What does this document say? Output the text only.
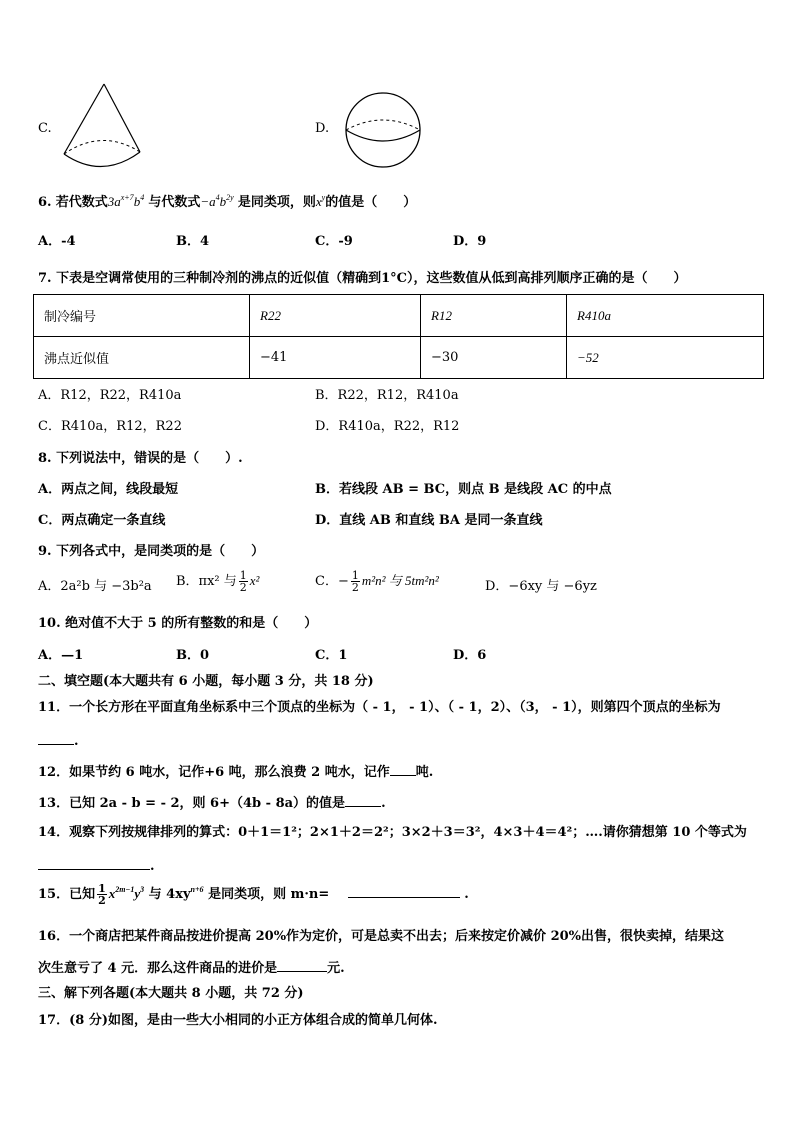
C.	D.
6. 若代数式$3a^{x+7}b^4$ 与代数式$-a^4b^{2y}$ 是同类项，则$x^y$的值是（　　）
A．-4	B．4	C．-9	D．9
7. 下表是空调常使用的三种制冷剂的沸点的近似值（精确到1°C），这些数值从低到高排列顺序正确的是（　　）
制冷编号	R22	R12	R410a
沸点近似值	−41	−30	−52
A．R12，R22，R410a	B．R22，R12，R410a
C．R410a，R12，R22	D．R410a，R22，R12
8. 下列说法中，错误的是（　　）.
A．两点之间，线段最短	B．若线段 AB = BC，则点 B 是线段 AC 的中点
C．两点确定一条直线	D．直线 AB 和直线 BA 是同一条直线
9. 下列各式中，是同类项的是（　　）
A．2a²b 与 −3b²a B．πx² 与 $\frac{1}{2} x^2$	C．− $\frac{1}{2} m^2n^2$ 与 5tm²n²	D．−6xy 与 −6yz
10. 绝对值不大于 5 的所有整数的和是（　　）
A．—1	B．0	C．1	D．6
二、填空题(本大题共有 6 小题，每小题 3 分，共 18 分)
11．一个长方形在平面直角坐标系中三个顶点的坐标为（ - 1， - 1）、（ - 1，2）、（3， - 1），则第四个顶点的坐标为
.
12．如果节约 6 吨水，记作+6 吨，那么浪费 2 吨水，记作 吨.
13．已知 2a - b = - 2，则 6+（4b - 8a）的值是	.
14．观察下列按规律排列的算式：0＋1＝1²；2×1＋2＝2²；3×2＋3＝3²，4×3＋4＝4²；….请你猜想第 10 个等式为
.
15．已知 $\frac{1}{2} x^{2m-1}y^3$ 与 $4xy^{n+6}$ 是同类项，则 m·n=	.
16．一个商店把某件商品按进价提高 20%作为定价，可是总卖不出去；后来按定价减价 20%出售，很快卖掉，结果这
次生意亏了 4 元．那么这件商品的进价是	元.
三、解下列各题(本大题共 8 小题，共 72 分)
17．(8 分)如图，是由一些大小相同的小正方体组合成的简单几何体.
